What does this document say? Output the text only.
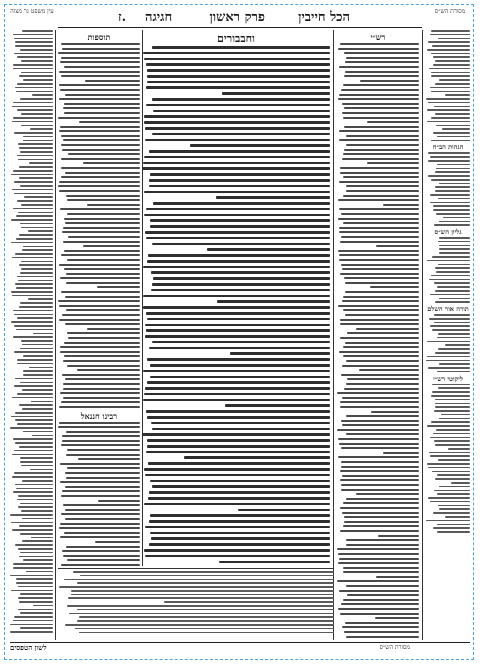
מסורת הש״ס
הכל חייבין
פרק ראשון
חגיגה
ז.
עין משפט נר מצוה
הגהות הב״ח
גליון הש״ס
תורה אור השלם
ליקוטי רש״י
רש״י
וחבבורים
תוספות
רבינו חננאל
לשון הטפסים	מסורת הש״ס
